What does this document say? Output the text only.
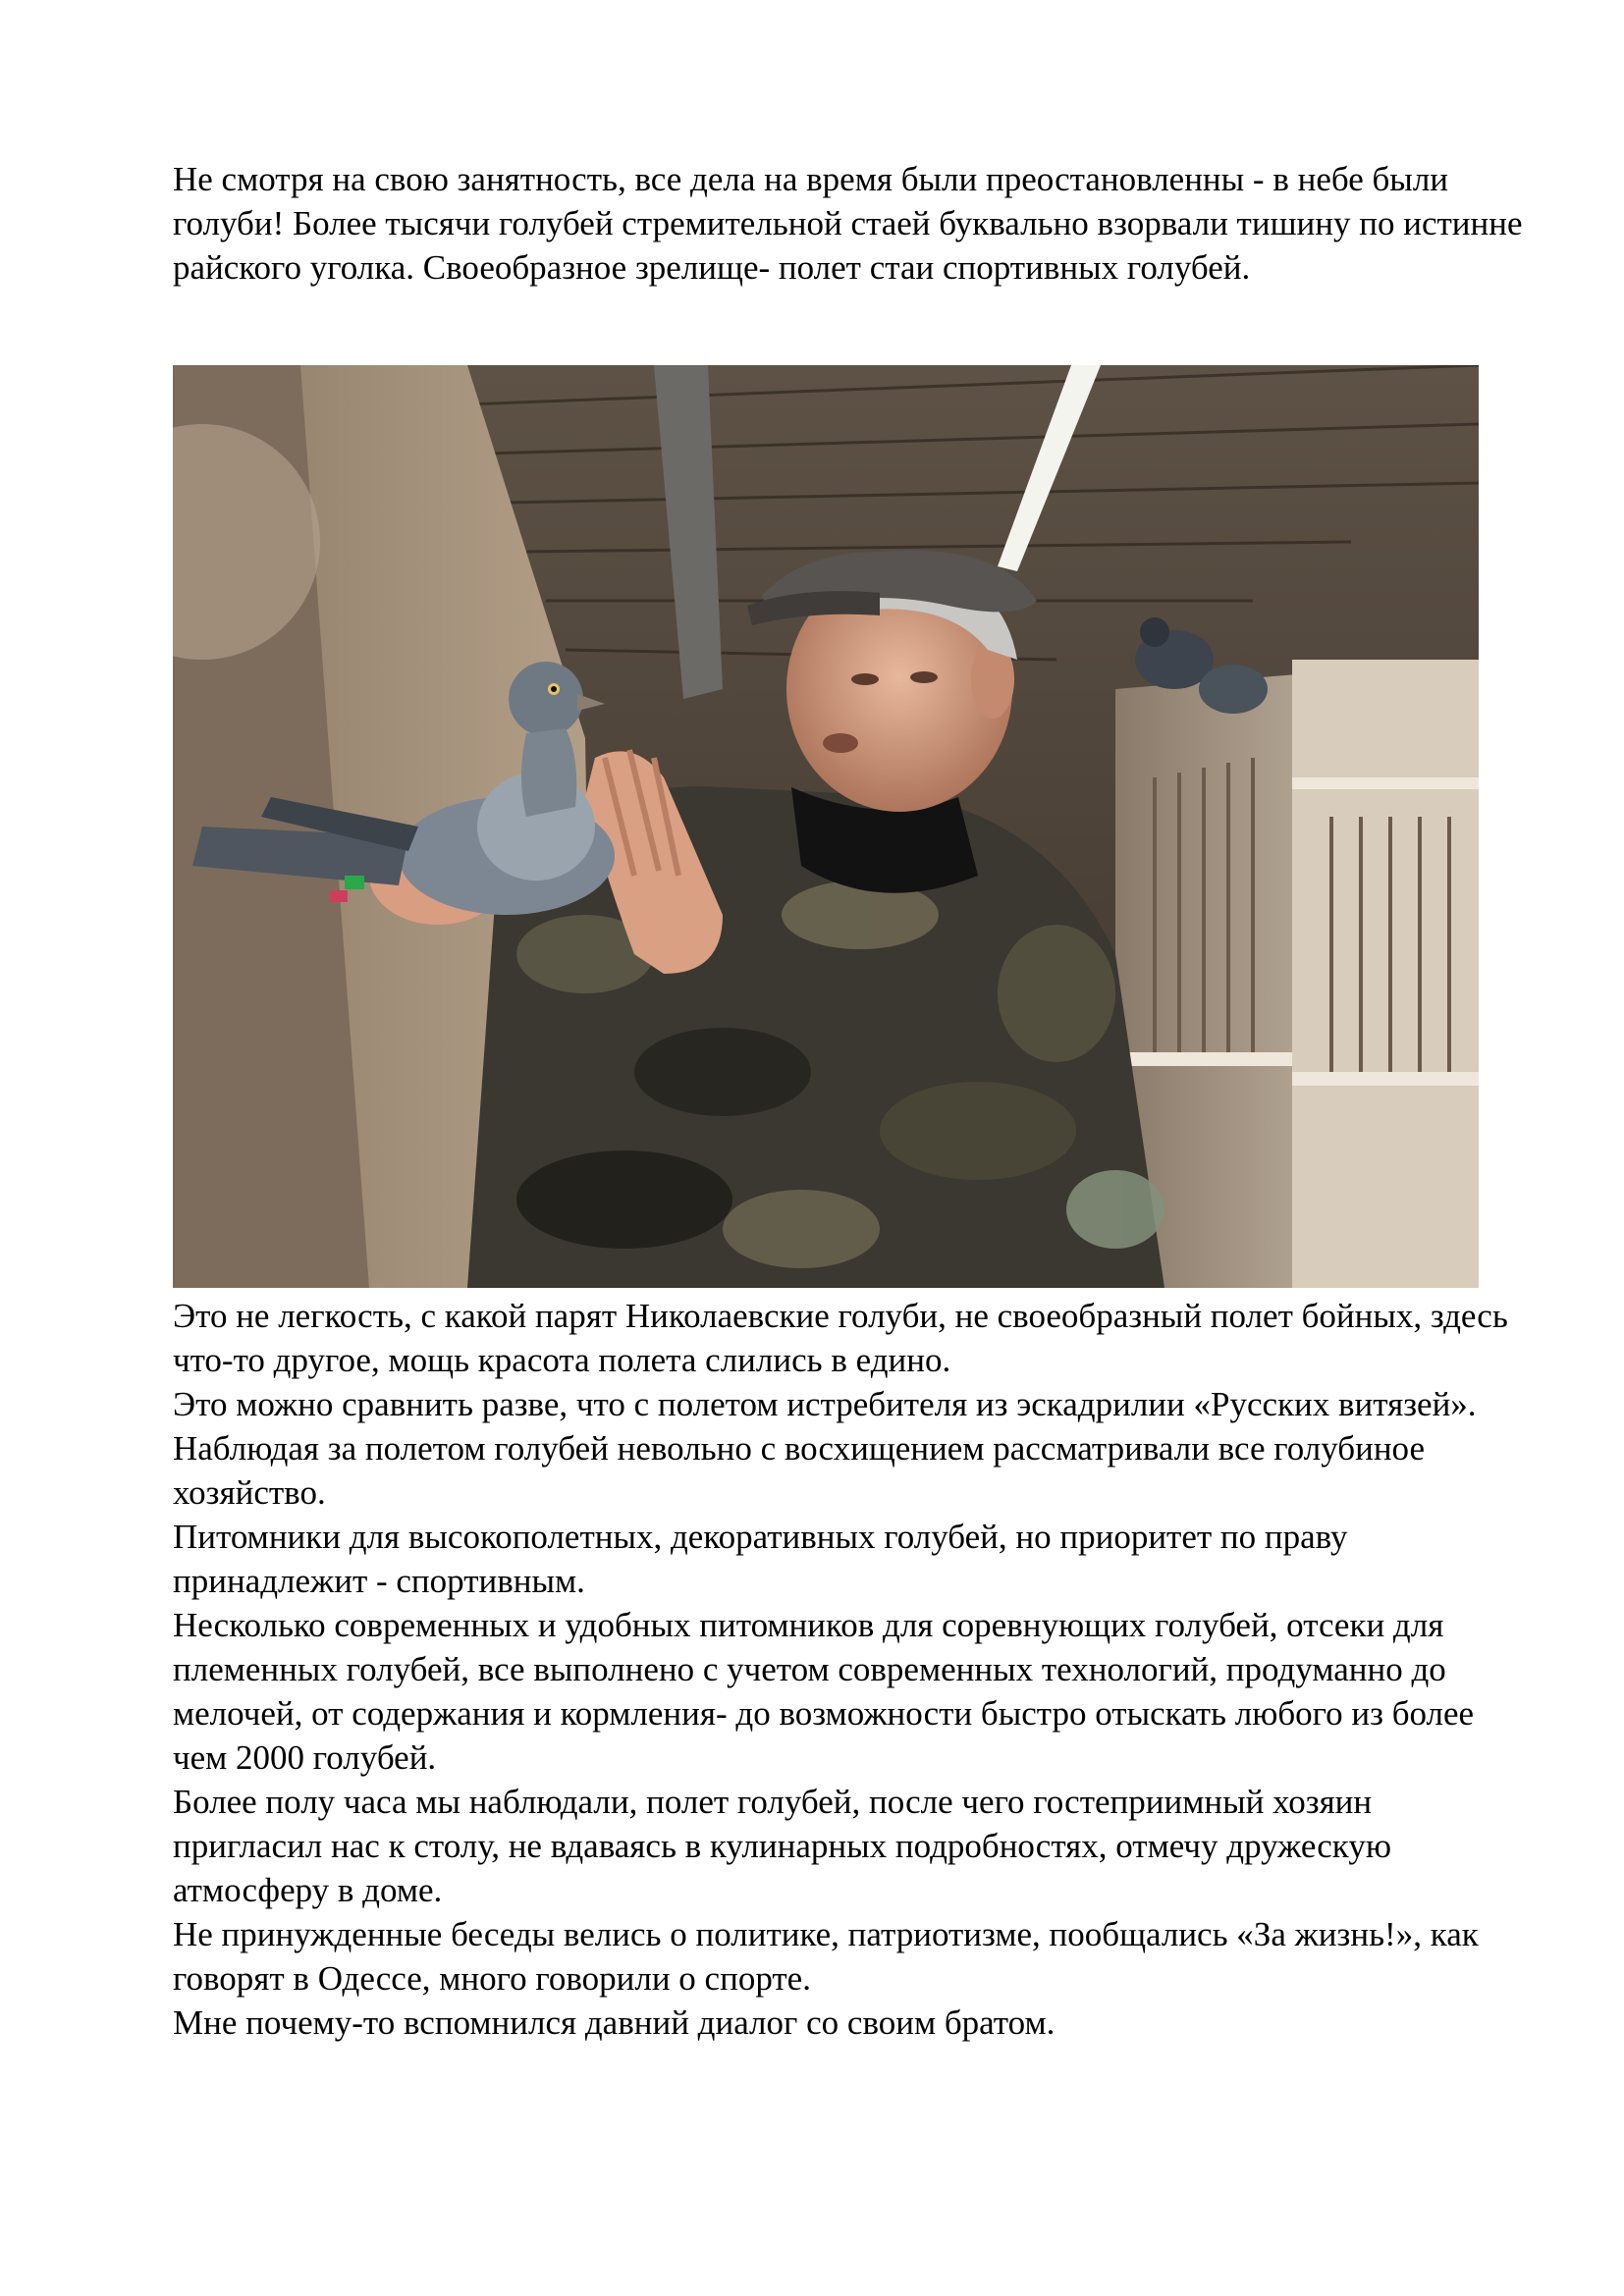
Не смотря на свою занятность, все дела на время были преостановленны - в небе были голуби! Более тысячи голубей стремительной стаей буквально взорвали тишину по истинне райского уголка. Своеобразное зрелище- полет стаи спортивных голубей.

Это не легкость, с какой парят Николаевские голуби, не своеобразный полет бойных, здесь что-то другое, мощь красота полета слились в едино.

Это можно сравнить разве, что с полетом истребителя из эскадрилии «Русских витязей».

Наблюдая за полетом голубей невольно с восхищением рассматривали все голубиное хозяйство.

Питомники для высокополетных, декоративных голубей, но приоритет по праву принадлежит - спортивным.

Несколько современных и удобных питомников для соревнующих голубей, отсеки для племенных голубей, все выполнено с учетом современных технологий, продуманно до мелочей, от содержания и кормления- до возможности быстро отыскать любого из более чем 2000 голубей.

Более полу часа мы наблюдали, полет голубей, после чего гостеприимный хозяин пригласил нас к столу, не вдаваясь в кулинарных подробностях, отмечу дружескую атмосферу в доме.

Не принужденные беседы велись о политике, патриотизме, пообщались «За жизнь!», как говорят в Одессе, много говорили о спорте.

Мне почему-то вспомнился давний диалог со своим братом.
